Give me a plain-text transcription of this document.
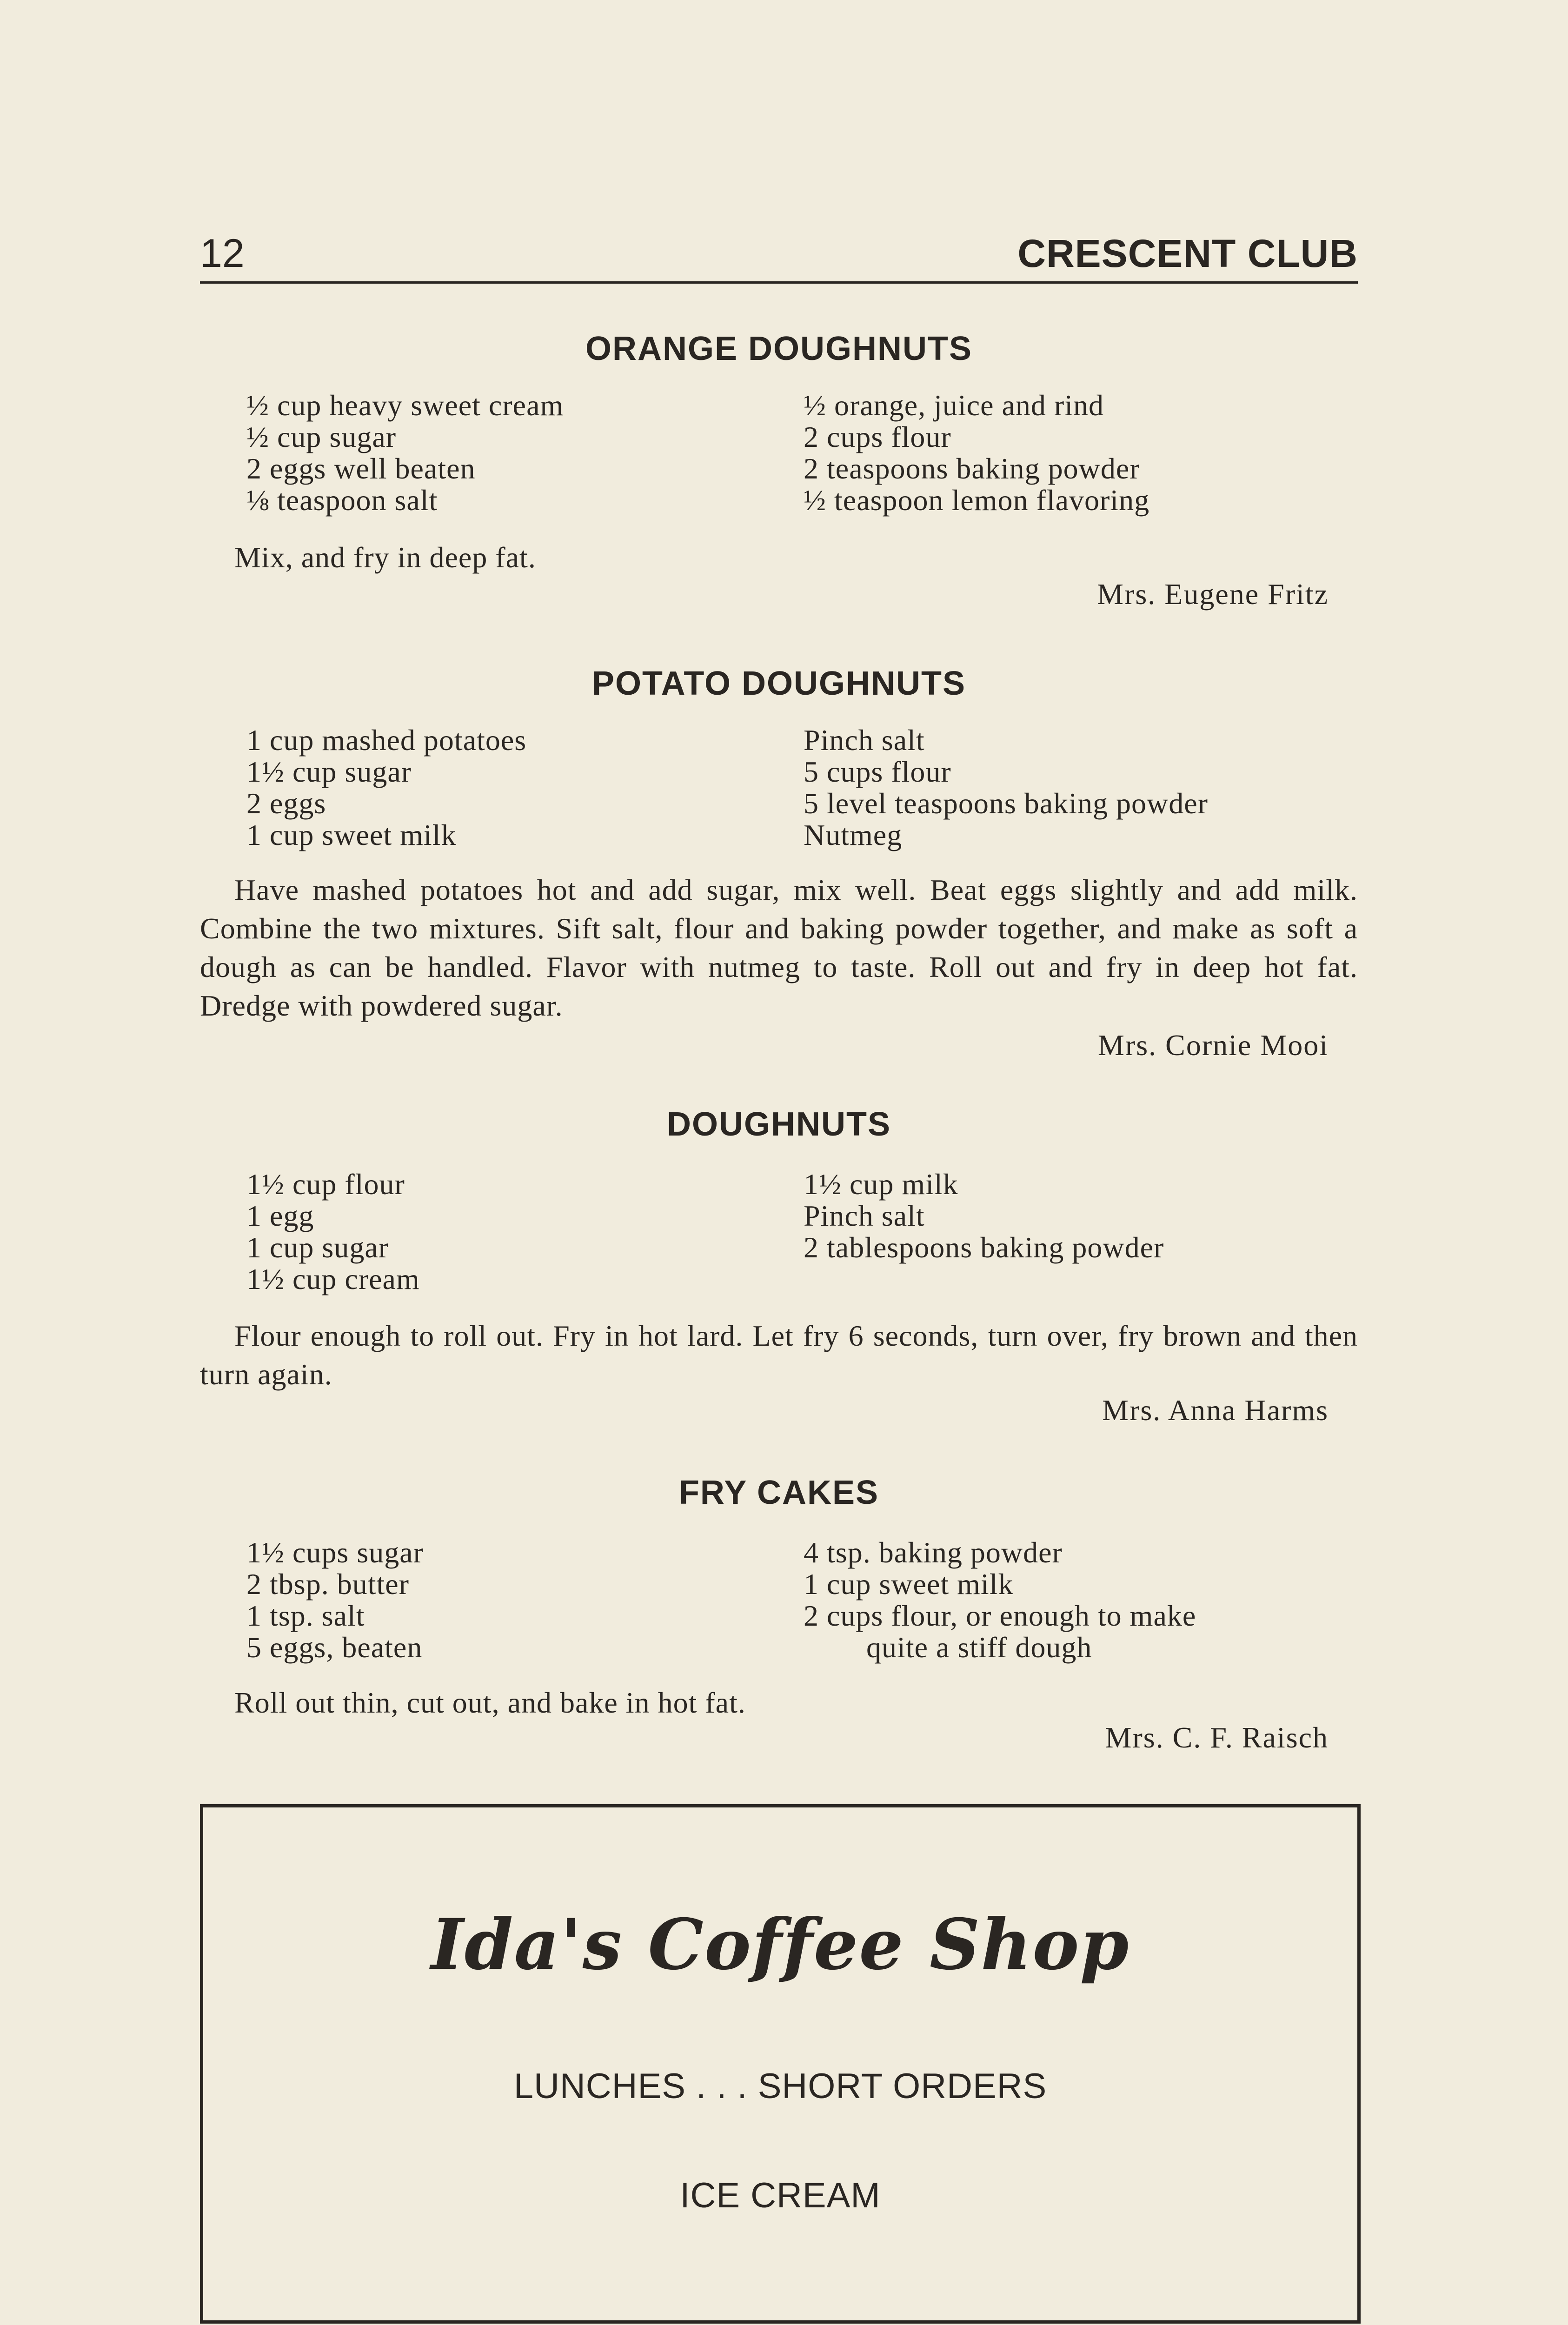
12	CRESCENT CLUB
ORANGE DOUGHNUTS
½ cup heavy sweet cream
½ cup sugar
2 eggs well beaten
⅛ teaspoon salt
½ orange, juice and rind
2 cups flour
2 teaspoons baking powder
½ teaspoon lemon flavoring

Mix, and fry in deep fat.

Mrs. Eugene Fritz
POTATO DOUGHNUTS
1 cup mashed potatoes
1½ cup sugar
2 eggs
1 cup sweet milk
Pinch salt
5 cups flour
5 level teaspoons baking powder
Nutmeg

Have mashed potatoes hot and add sugar, mix well. Beat eggs slightly and add milk. Combine the two mixtures. Sift salt, flour and baking powder together, and make as soft a dough as can be handled. Flavor with nutmeg to taste. Roll out and fry in deep hot fat. Dredge with powdered sugar.

Mrs. Cornie Mooi
DOUGHNUTS
1½ cup flour
1 egg
1 cup sugar
1½ cup cream
1½ cup milk
Pinch salt
2 tablespoons baking powder

Flour enough to roll out. Fry in hot lard. Let fry 6 seconds, turn over, fry brown and then turn again.

Mrs. Anna Harms
FRY CAKES
1½ cups sugar
2 tbsp. butter
1 tsp. salt
5 eggs, beaten
4 tsp. baking powder
1 cup sweet milk
2 cups flour, or enough to make
quite a stiff dough

Roll out thin, cut out, and bake in hot fat.

Mrs. C. F. Raisch
Ida's Coffee Shop
LUNCHES . . . SHORT ORDERS
ICE CREAM
